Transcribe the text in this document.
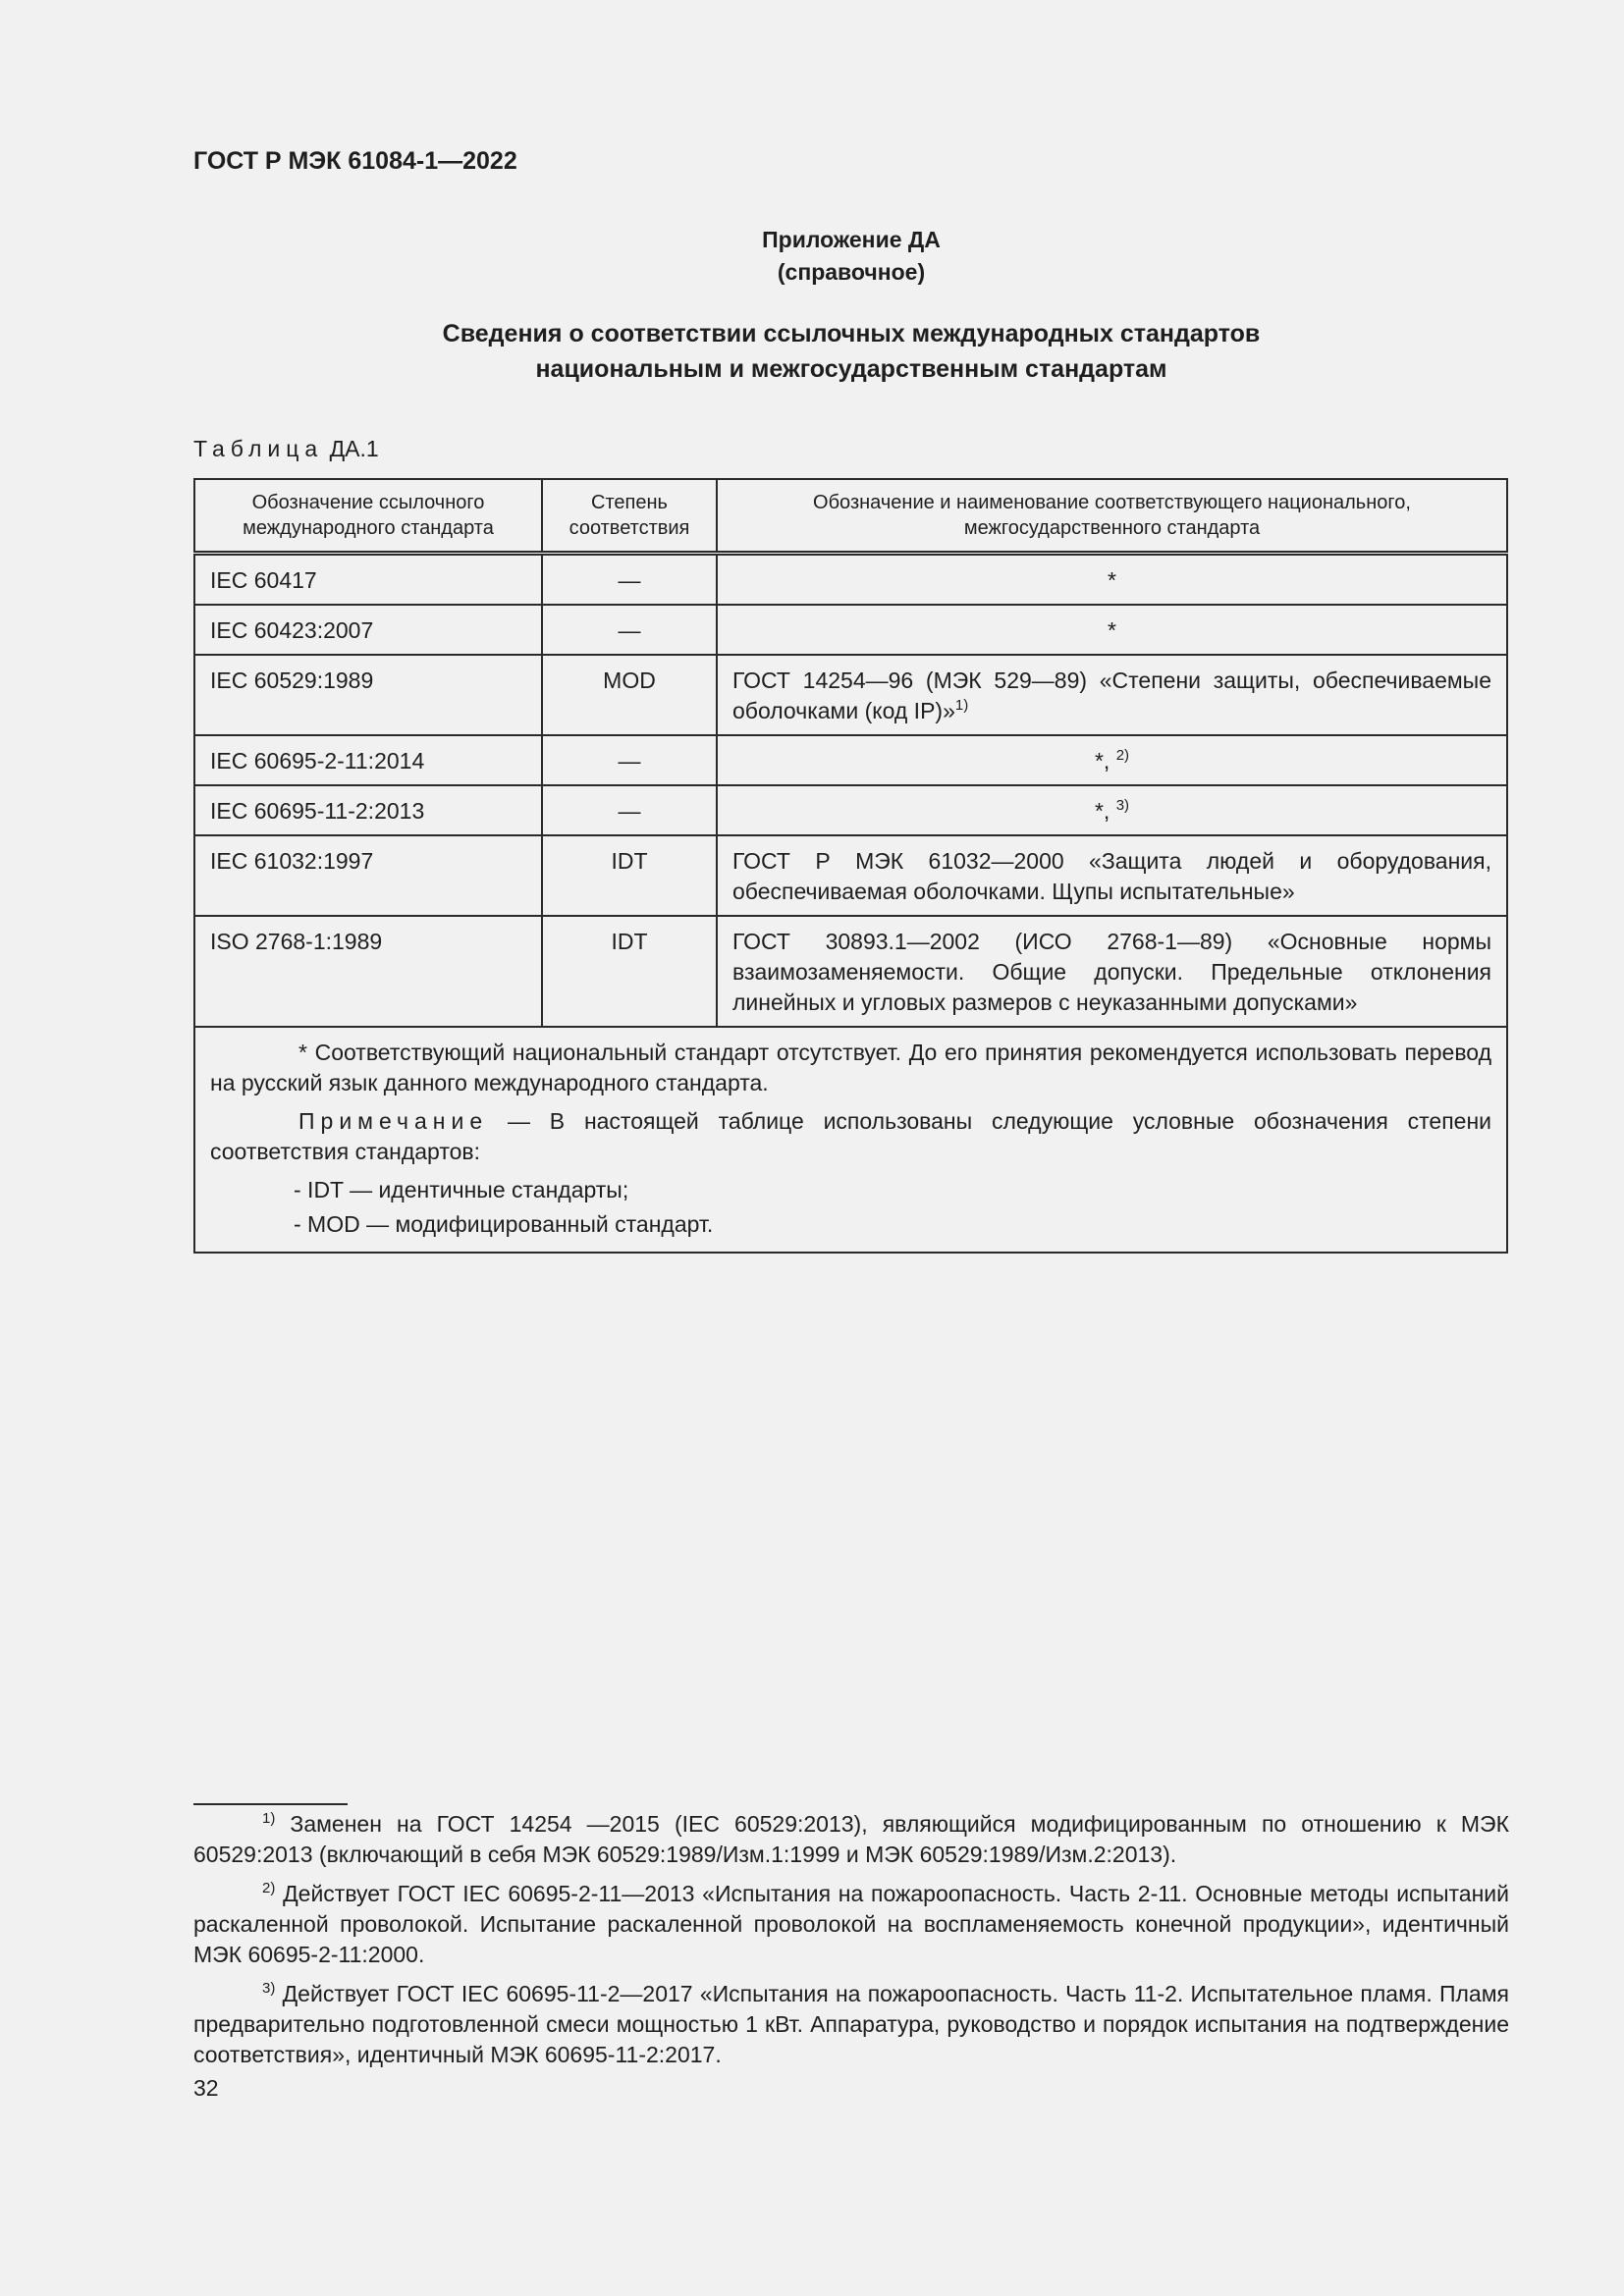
ГОСТ Р МЭК 61084-1—2022
Приложение ДА
(справочное)
Сведения о соответствии ссылочных международных стандартов
национальным и межгосударственным стандартам
Таблица ДА.1
Обозначение ссылочного международного стандарта	Степень соответствия	Обозначение и наименование соответствующего национального, межгосударственного стандарта
IEC 60417	—	*
IEC 60423:2007	—	*
IEC 60529:1989	MOD	ГОСТ 14254—96 (МЭК 529—89) «Степени защиты, обеспечиваемые оболочками (код IP)»$^{1)}$
IEC 60695-2-11:2014	—	*, $^{2)}$
IEC 60695-11-2:2013	—	*, $^{3)}$
IEC 61032:1997	IDT	ГОСТ Р МЭК 61032—2000 «Защита людей и оборудования, обеспечиваемая оболочками. Щупы испытательные»
ISO 2768-1:1989	IDT	ГОСТ 30893.1—2002 (ИСО 2768-1—89) «Основные нормы взаимозаменяемости. Общие допуски. Предельные отклонения линейных и угловых размеров с неуказанными допусками»

* Соответствующий национальный стандарт отсутствует. До его принятия рекомендуется использовать перевод на русский язык данного международного стандарта.

Примечание — В настоящей таблице использованы следующие условные обозначения степени соответствия стандартов:

- IDT — идентичные стандарты;

- MOD — модифицированный стандарт.		

$^{1)}$ Заменен на ГОСТ 14254 —2015 (IEC 60529:2013), являющийся модифицированным по отношению к МЭК 60529:2013 (включающий в себя МЭК 60529:1989/Изм.1:1999 и МЭК 60529:1989/Изм.2:2013).

$^{2)}$ Действует ГОСТ IEC 60695-2-11—2013 «Испытания на пожароопасность. Часть 2-11. Основные методы испытаний раскаленной проволокой. Испытание раскаленной проволокой на воспламеняемость конечной продукции», идентичный МЭК 60695-2-11:2000.

$^{3)}$ Действует ГОСТ IEC 60695-11-2—2017 «Испытания на пожароопасность. Часть 11-2. Испытательное пламя. Пламя предварительно подготовленной смеси мощностью 1 кВт. Аппаратура, руководство и порядок испытания на подтверждение соответствия», идентичный МЭК 60695-11-2:2017.

32
